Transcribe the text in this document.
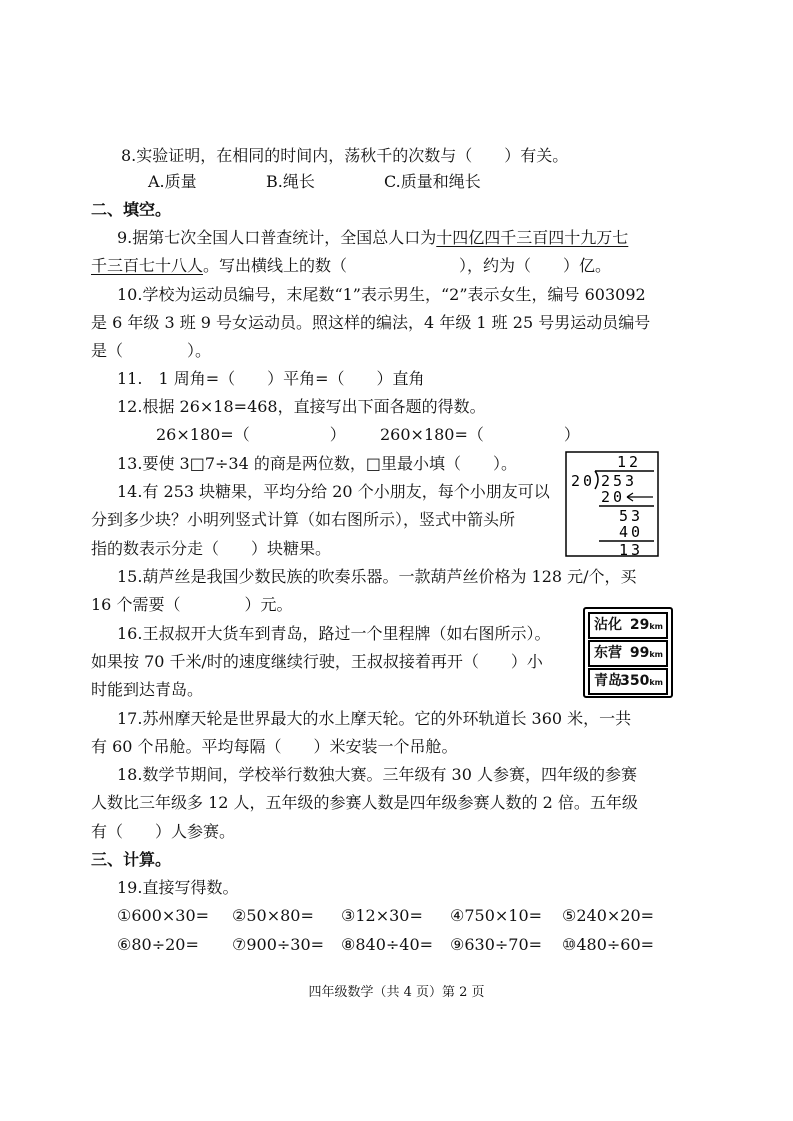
8.实验证明，在相同的时间内，荡秋千的次数与（　　）有关。
A.质量	B.绳长	C.质量和绳长
二、填空。
9.据第七次全国人口普查统计，全国总人口为十四亿四千三百四十九万七
千三百七十八人。写出横线上的数（　　　　　　　），约为（　　）亿。
10.学校为运动员编号，末尾数“1”表示男生，“2”表示女生，编号 603092
是 6 年级 3 班 9 号女运动员。照这样的编法，4 年级 1 班 25 号男运动员编号
是（　　　　）。
11.　1 周角=（　　）平角=（　　）直角
12.根据 26×18=468，直接写出下面各题的得数。
26×180=（　　　　　） 260×180=（　　　　　）
13.要使 3□7÷34 的商是两位数，□里最小填（　　）。	12
20 253
20
53
40
13
14.有 253 块糖果，平均分给 20 个小朋友，每个小朋友可以
分到多少块？小明列竖式计算（如右图所示），竖式中箭头所
指的数表示分走（　　）块糖果。
15.葫芦丝是我国少数民族的吹奏乐器。一款葫芦丝价格为 128 元/个，买
16 个需要（　　　　）元。
沾化 29km
东营 99km
青岛
350km
16.王叔叔开大货车到青岛，路过一个里程牌（如右图所示）。
如果按 70 千米/时的速度继续行驶，王叔叔接着再开（　　）小
时能到达青岛。
17.苏州摩天轮是世界最大的水上摩天轮。它的外环轨道长 360 米，一共
有 60 个吊舱。平均每隔（　　）米安装一个吊舱。
18.数学节期间，学校举行数独大赛。三年级有 30 人参赛，四年级的参赛
人数比三年级多 12 人，五年级的参赛人数是四年级参赛人数的 2 倍。五年级
有（　　）人参赛。
三、计算。
19.直接写得数。
①600×30= ②50×80= ③12×30= ④750×10= ⑤240×20=
⑥80÷20= ⑦900÷30= ⑧840÷40= ⑨630÷70= ⑩480÷60=
四年级数学（共 4 页）第 2 页
